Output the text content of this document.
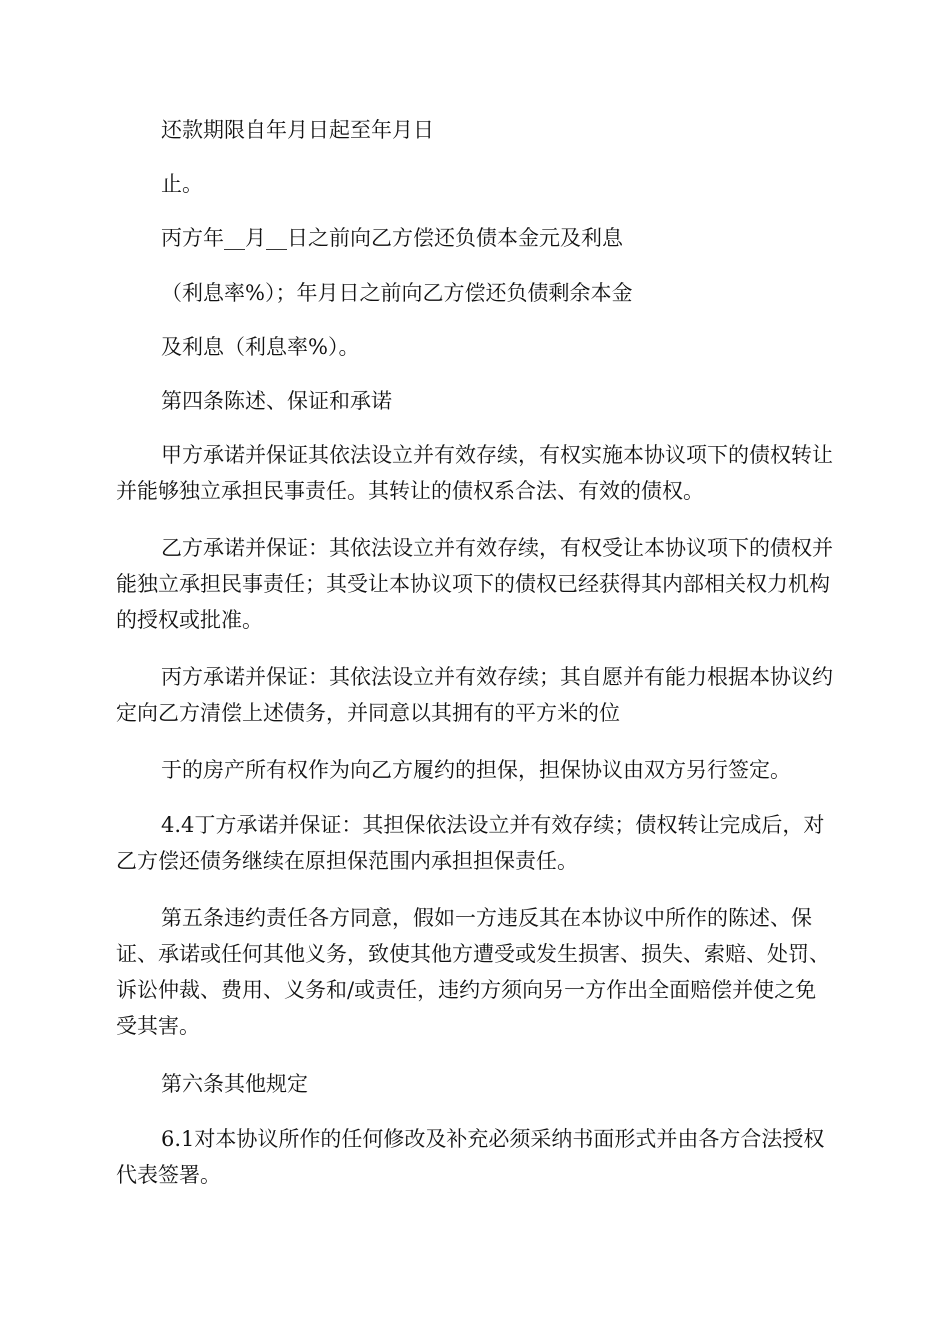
还款期限自年月日起至年月日

止。

丙方年__月__日之前向乙方偿还负债本金元及利息

（利息率%）；年月日之前向乙方偿还负债剩余本金

及利息（利息率%）。

第四条陈述、保证和承诺

甲方承诺并保证其依法设立并有效存续，有权实施本协议项下的债权转让并能够独立承担民事责任。其转让的债权系合法、有效的债权。

乙方承诺并保证：其依法设立并有效存续，有权受让本协议项下的债权并能独立承担民事责任；其受让本协议项下的债权已经获得其内部相关权力机构的授权或批准。

丙方承诺并保证：其依法设立并有效存续；其自愿并有能力根据本协议约定向乙方清偿上述债务，并同意以其拥有的平方米的位

于的房产所有权作为向乙方履约的担保，担保协议由双方另行签定。

4.4丁方承诺并保证：其担保依法设立并有效存续；债权转让完成后，对乙方偿还债务继续在原担保范围内承担担保责任。

第五条违约责任各方同意，假如一方违反其在本协议中所作的陈述、保证、承诺或任何其他义务，致使其他方遭受或发生损害、损失、索赔、处罚、诉讼仲裁、费用、义务和/或责任，违约方须向另一方作出全面赔偿并使之免受其害。

第六条其他规定

6.1对本协议所作的任何修改及补充必须采纳书面形式并由各方合法授权代表签署。
